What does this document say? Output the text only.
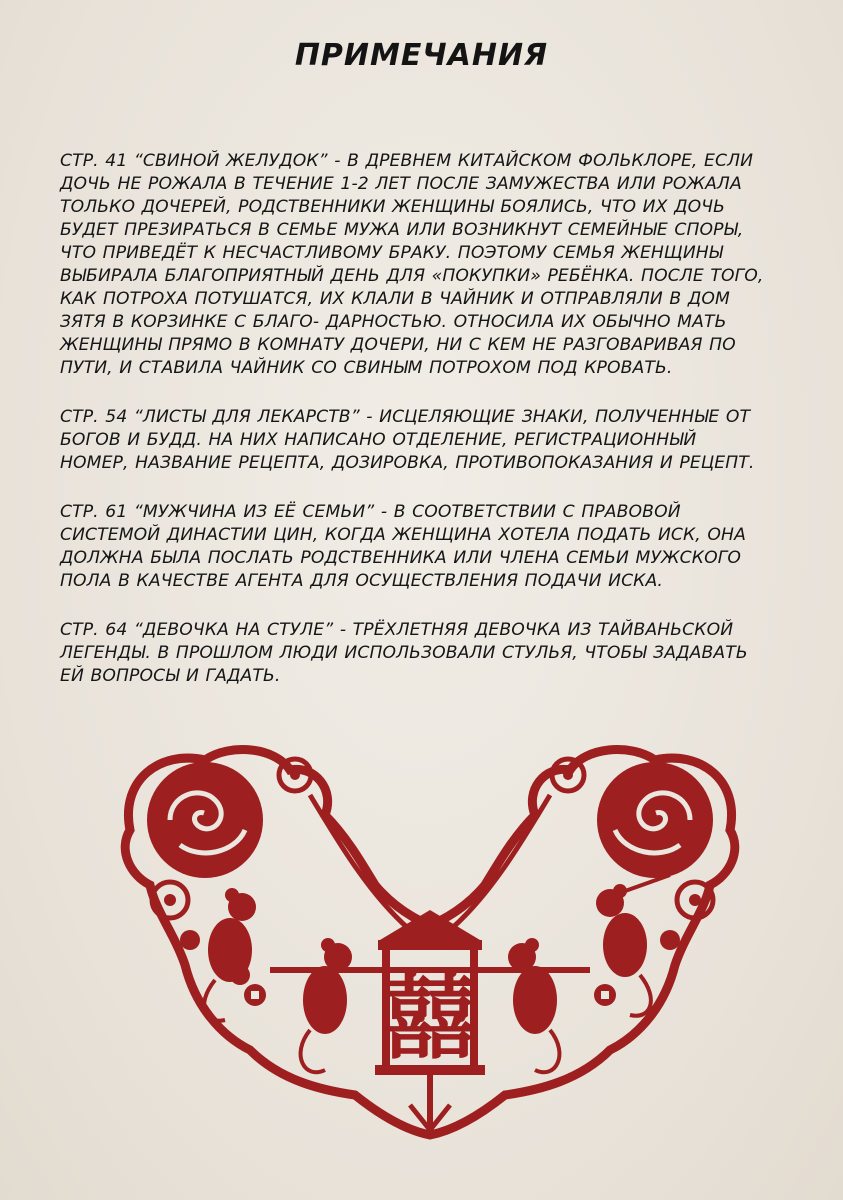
ПРИМЕЧАНИЯ

СТР. 41 “СВИНОЙ ЖЕЛУДОК” - В ДРЕВНЕМ КИТАЙСКОМ ФОЛЬКЛОРЕ, ЕСЛИ ДОЧЬ НЕ РОЖАЛА В ТЕЧЕНИЕ 1-2 ЛЕТ ПОСЛЕ ЗАМУЖЕСТВА ИЛИ РОЖАЛА ТОЛЬКО ДОЧЕРЕЙ, РОДСТВЕННИКИ ЖЕНЩИНЫ БОЯЛИСЬ, ЧТО ИХ ДОЧЬ БУДЕТ ПРЕЗИРАТЬСЯ В СЕМЬЕ МУЖА ИЛИ ВОЗНИКНУТ СЕМЕЙНЫЕ СПОРЫ, ЧТО ПРИВЕДЁТ К НЕСЧАСТЛИВОМУ БРАКУ. ПОЭТОМУ СЕМЬЯ ЖЕНЩИНЫ ВЫБИРАЛА БЛАГОПРИЯТНЫЙ ДЕНЬ ДЛЯ «ПОКУПКИ» РЕБЁНКА. ПОСЛЕ ТОГО, КАК ПОТРОХА ПОТУШАТСЯ, ИХ КЛАЛИ В ЧАЙНИК И ОТПРАВЛЯЛИ В ДОМ ЗЯТЯ В КОРЗИНКЕ С БЛАГО- ДАРНОСТЬЮ. ОТНОСИЛА ИХ ОБЫЧНО МАТЬ ЖЕНЩИНЫ ПРЯМО В КОМНАТУ ДОЧЕРИ, НИ С КЕМ НЕ РАЗГОВАРИВАЯ ПО ПУТИ, И СТАВИЛА ЧАЙНИК СО СВИНЫМ ПОТРОХОМ ПОД КРОВАТЬ.

СТР. 54 “ЛИСТЫ ДЛЯ ЛЕКАРСТВ” - ИСЦЕЛЯЮЩИЕ ЗНАКИ, ПОЛУЧЕННЫЕ ОТ БОГОВ И БУДД. НА НИХ НАПИСАНО ОТДЕЛЕНИЕ, РЕГИСТРАЦИОННЫЙ НОМЕР, НАЗВАНИЕ РЕЦЕПТА, ДОЗИРОВКА, ПРОТИВОПОКАЗАНИЯ И РЕЦЕПТ.

СТР. 61 “МУЖЧИНА ИЗ ЕЁ СЕМЬИ” - В СООТВЕТСТВИИ С ПРАВОВОЙ СИСТЕМОЙ ДИНАСТИИ ЦИН, КОГДА ЖЕНЩИНА ХОТЕЛА ПОДАТЬ ИСК, ОНА ДОЛЖНА БЫЛА ПОСЛАТЬ РОДСТВЕННИКА ИЛИ ЧЛЕНА СЕМЬИ МУЖСКОГО ПОЛА В КАЧЕСТВЕ АГЕНТА ДЛЯ ОСУЩЕСТВЛЕНИЯ ПОДАЧИ ИСКА.

СТР. 64 “ДЕВОЧКА НА СТУЛЕ” - ТРЁХЛЕТНЯЯ ДЕВОЧКА ИЗ ТАЙВАНЬСКОЙ ЛЕГЕНДЫ. В ПРОШЛОМ ЛЮДИ ИСПОЛЬЗОВАЛИ СТУЛЬЯ, ЧТОБЫ ЗАДАВАТЬ ЕЙ ВОПРОСЫ И ГАДАТЬ.

囍
